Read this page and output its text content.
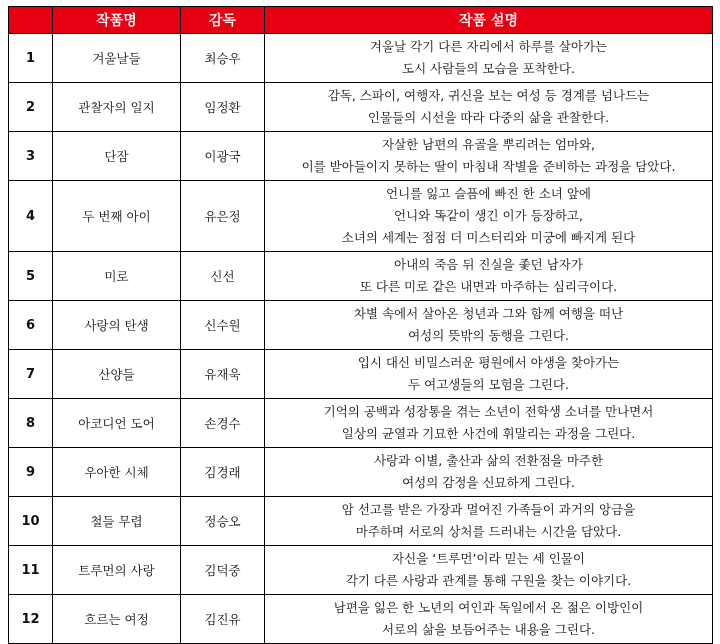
	작품명	감독	작품 설명
1	겨울날들	최승우	겨울날 각기 다른 자리에서 하루를 살아가는
도시 사람들의 모습을 포착한다.

2	관찰자의 일지	임정환	감독, 스파이, 여행자, 귀신을 보는 여성 등 경계를 넘나드는
인물들의 시선을 따라 다중의 삶을 관찰한다.

3	단잠	이광국	자살한 남편의 유골을 뿌리려는 엄마와,
이를 받아들이지 못하는 딸이 마침내 작별을 준비하는 과정을 담았다.

4	두 번째 아이	유은정	언니를 잃고 슬픔에 빠진 한 소녀 앞에
언니와 똑같이 생긴 이가 등장하고,
소녀의 세계는 점점 더 미스터리와 미궁에 빠지게 된다

5	미로	신선	아내의 죽음 뒤 진실을 좇던 남자가
또 다른 미로 같은 내면과 마주하는 심리극이다.

6	사랑의 탄생	신수원	차별 속에서 살아온 청년과 그와 함께 여행을 떠난
여성의 뜻밖의 동행을 그린다.

7	산양들	유재욱	입시 대신 비밀스러운 평원에서 야생을 찾아가는
두 여고생들의 모험을 그린다.

8	아코디언 도어	손경수	기억의 공백과 성장통을 겪는 소년이 전학생 소녀를 만나면서
일상의 균열과 기묘한 사건에 휘말리는 과정을 그린다.

9	우아한 시체	김경래	사랑과 이별, 출산과 삶의 전환점을 마주한
여성의 감정을 신묘하게 그린다.

10	철들 무렵	정승오	암 선고를 받은 가장과 멀어진 가족들이 과거의 앙금을
마주하며 서로의 상처를 드러내는 시간을 담았다.

11	트루먼의 사랑	김덕중	자신을 ‘트루먼’이라 믿는 세 인물이
각기 다른 사랑과 관계를 통해 구원을 찾는 이야기다.

12	흐르는 여정	김진유	남편을 잃은 한 노년의 여인과 독일에서 온 젊은 이방인이
서로의 삶을 보듬어주는 내용을 그린다.
